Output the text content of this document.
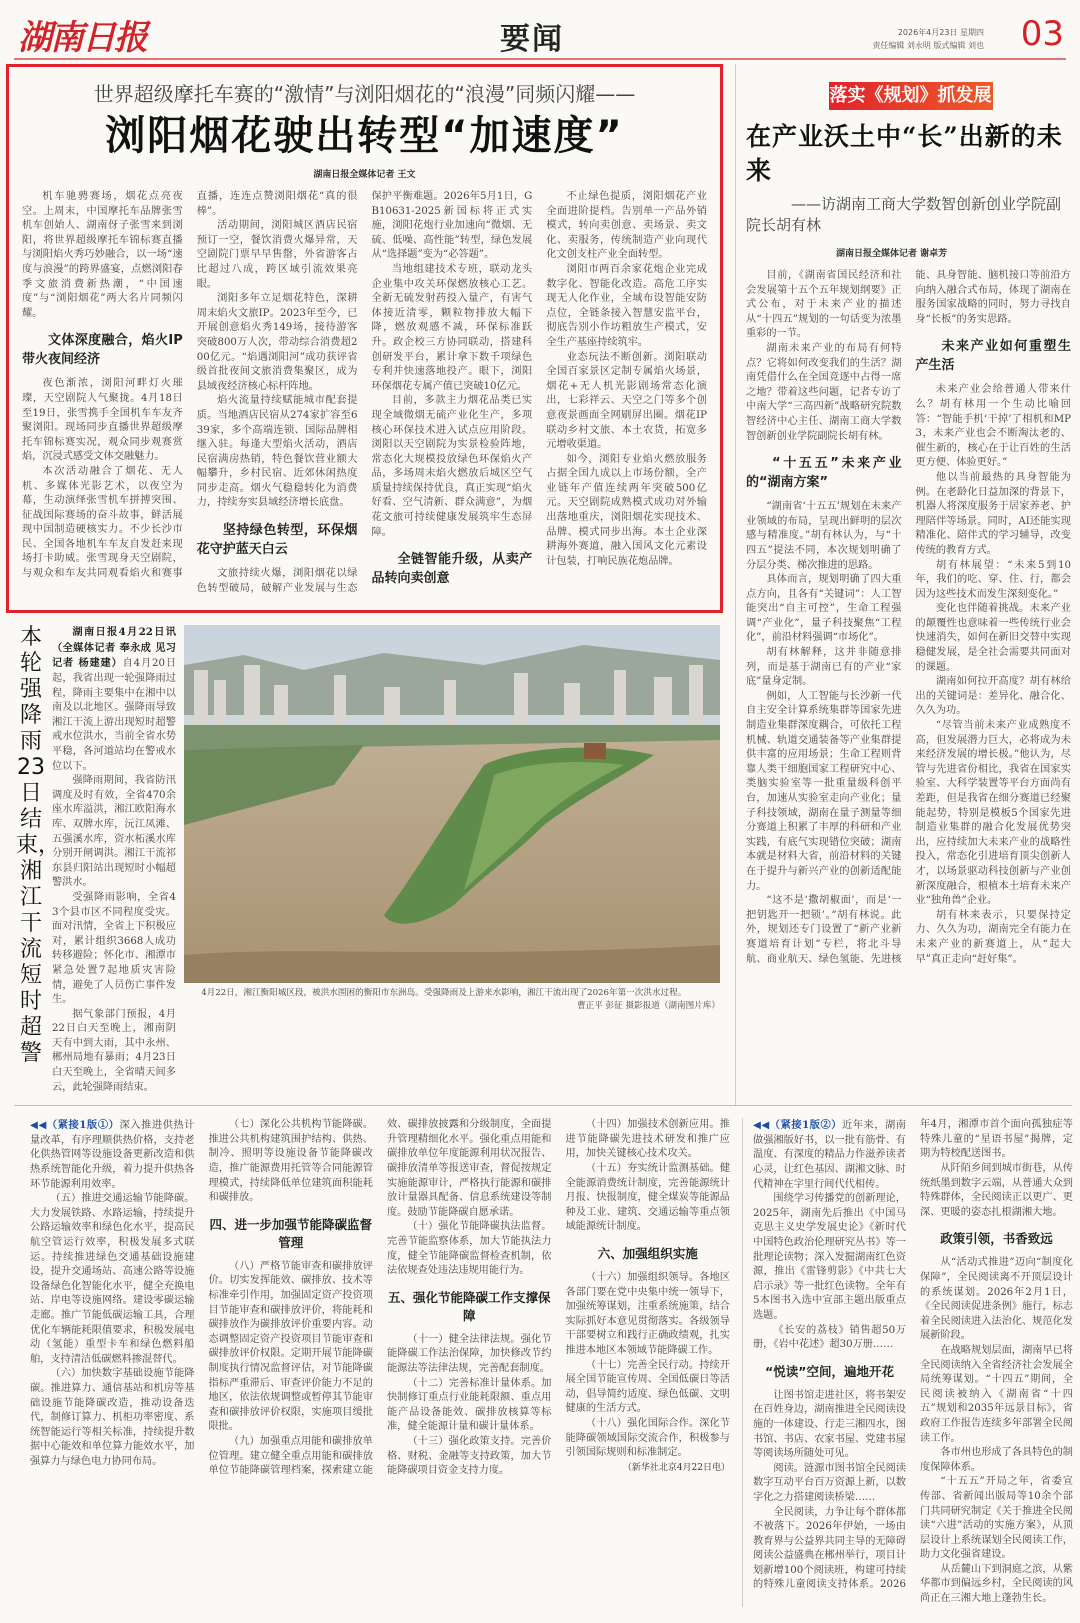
湖南日报	要闻	2026年4月23日 星期四
责任编辑 刘永明 版式编辑 刘也 03
世界超级摩托车赛的“激情”与浏阳烟花的“浪漫”同频闪耀——
浏阳烟花驶出转型“加速度”
湖南日报全媒体记者 王文

机车驰骋赛场，烟花点亮夜空。上周末，中国摩托车品牌张雪机车创始人、湖南伢子张雪来到浏阳，将世界超级摩托车锦标赛直播与浏阳焰火秀巧妙融合，以一场“速度与浪漫”的跨界盛宴，点燃浏阳春季文旅消费新热潮，“中国速度”与“浏阳烟花”两大名片同频闪耀。

文体深度融合，焰火IP带火夜间经济

夜色渐浓，浏阳河畔灯火璀璨，天空剧院人气聚拢。4月18日至19日，张雪携手全国机车车友齐聚浏阳。现场同步直播世界超级摩托车锦标赛实况，观众同步观赛赏焰，沉浸式感受文体交融魅力。

本次活动融合了烟花、无人机、多媒体光影艺术，以夜空为幕，生动演绎张雪机车拼搏突围、征战国际赛场的奋斗故事，鲜活展现中国制造硬核实力。不少长沙市民、全国各地机车车友自发赶来现场打卡助威。张雪现身天空剧院，与观众和车友共同观看焰火和赛事直播，连连点赞浏阳烟花“真的很棒”。

活动期间，浏阳城区酒店民宿预订一空，餐饮消费火爆异常，天空剧院门票早早售罄，外省游客占比超过八成，跨区域引流效果亮眼。

浏阳多年立足烟花特色，深耕周末焰火文旅IP。2023年至今，已开展创意焰火秀149场，接待游客突破800万人次，带动综合消费超200亿元。“焰遇浏阳河”成功获评省级首批夜间文旅消费集聚区，成为县域夜经济核心标杆阵地。

焰火流量持续赋能城市配套提质。当地酒店民宿从274家扩容至639家，多个高端连锁、国际品牌相继入驻。每逢大型焰火活动，酒店民宿满房热销，特色餐饮营业额大幅攀升，乡村民宿、近郊休闲热度同步走高。烟火气稳稳转化为消费力，持续夯实县域经济增长底盘。

坚持绿色转型，环保烟花守护蓝天白云

文旅持续火爆，浏阳烟花以绿色转型破局，破解产业发展与生态保护平衡难题。2026年5月1日，GB10631-2025新国标将正式实施，浏阳花炮行业加速向“微烟、无硫、低噪、高性能”转型，绿色发展从“选择题”变为“必答题”。

当地组建技术专班，联动龙头企业集中攻关环保燃放核心工艺。全新无硫发射药投入量产，有害气体接近清零，颗粒物排放大幅下降，燃放观感不减，环保标准跃升。政企校三方协同联动，搭建科创研发平台，累计拿下数千项绿色专利并快速落地投产。眼下，浏阳环保烟花专属产值已突破10亿元。

目前，多款主力烟花品类已实现全域微烟无硫产业化生产，多项核心环保技术进入试点应用阶段。浏阳以天空剧院为实景检验阵地，常态化大规模投放绿色环保焰火产品，多场周末焰火燃放后城区空气质量持续保持优良，真正实现“焰火好看、空气清新、群众满意”，为烟花文旅可持续健康发展筑牢生态屏障。

全链智能升级，从卖产品转向卖创意

不止绿色提质，浏阳烟花产业全面进阶提档。告别单一产品外销模式，转向卖创意、卖场景、卖文化、卖服务，传统制造产业向现代化文创支柱产业全面转型。

浏阳市两百余家花炮企业完成数字化、智能化改造。高危工序实现无人化作业，全域布设智能安防点位，全链条接入智慧安监平台，彻底告别小作坊粗放生产模式，安全生产基座持续筑牢。

业态玩法不断创新。浏阳联动全国百家景区定制专属焰火场景，烟花+无人机光影剧场常态化演出，七彩祥云、天空之门等多个创意夜景画面全网刷屏出圈。烟花IP联动乡村文旅、本土农货，拓宽多元增收渠道。

如今，浏阳专业焰火燃放服务占据全国九成以上市场份额，全产业链年产值连续两年突破500亿元。天空剧院成熟模式成功对外输出落地重庆，浏阳烟花实现技术、品牌、模式同步出海。本土企业深耕海外赛道，融入国风文化元素设计包装，打响民族花炮品牌。

本轮强降雨23日结束，湘江干流短时超警

湖南日报4月22日讯（全媒体记者 奉永成 见习记者 杨建建）自4月20日起，我省出现一轮强降雨过程，降雨主要集中在湘中以南及以北地区。强降雨导致湘江干流上游出现短时超警戒水位洪水，当前全省水势平稳，各河道站均在警戒水位以下。

强降雨期间，我省防汛调度及时有效，全省470余座水库溢洪，湘江欧阳海水库、双牌水库，沅江凤滩、五强溪水库，资水柘溪水库分别开闸调洪。湘江干流祁东县归阳站出现短时小幅超警洪水。

受强降雨影响，全省43个县市区不同程度受灾。面对汛情，全省上下积极应对，累计组织3668人成功转移避险；怀化市、湘潭市紧急处置7起地质灾害险情，避免了人员伤亡事件发生。

据气象部门预报，4月22日白天至晚上，湘南阴天有中到大雨，其中永州、郴州局地有暴雨；4月23日白天至晚上，全省晴天间多云，此轮强降雨结束。

4月22日，湘江衡阳城区段，被洪水围困的衡阳市东洲岛。受强降雨及上游来水影响，湘江干流出现了2026年第一次洪水过程。
曹正平 彭征 摄影报道（湖南图片库）
落实《规划》抓发展
在产业沃土中“长”出新的未来
——访湖南工商大学数智创新创业学院副院长胡有林
湖南日报全媒体记者 谢卓芳

目前，《湖南省国民经济和社会发展第十五个五年规划纲要》正式公布，对于未来产业的描述从“十四五”规划的一句话变为浓墨重彩的一节。

湖南未来产业的布局有何特点？它将如何改变我们的生活？湖南凭借什么在全国竞逐中占得一席之地？带着这些问题，记者专访了中南大学“三高四新”战略研究院数智经济中心主任、湖南工商大学数智创新创业学院副院长胡有林。

“十五五”未来产业的“湖南方案”

“湖南省‘十五五’规划在未来产业领域的布局，呈现出鲜明的层次感与精准度。”胡有林认为，与“十四五”提法不同，本次规划明确了分层分类、梯次推进的思路。

具体而言，规划明确了四大重点方向，且各有“关键词”：人工智能突出“自主可控”，生命工程强调“产业化”，量子科技聚焦“工程化”，前沿材料强调“市场化”。

胡有林解释，这并非随意排列，而是基于湖南已有的产业“家底”量身定制。

例如，人工智能与长沙新一代自主安全计算系统集群等国家先进制造业集群深度耦合，可依托工程机械、轨道交通装备等产业集群提供丰富的应用场景；生命工程则背靠人类干细胞国家工程研究中心、类脑实验室等一批重量级科创平台，加速从实验室走向产业化；量子科技领域，湖南在量子测量等细分赛道上积累了丰厚的科研和产业实践，有底气实现错位突破；湖南本就是材料大省，前沿材料的关键在于提升与新兴产业的创新适配能力。

“这不是‘撒胡椒面’，而是‘一把钥匙开一把锁’。”胡有林说。此外，规划还专门设置了“新产业新赛道培育计划”专栏，将北斗导航、商业航天、绿色氢能、先进核能、具身智能、脑机接口等前沿方向纳入融合式布局，体现了湖南在服务国家战略的同时，努力寻找自身“长板”的务实思路。

未来产业如何重塑生产生活

未来产业会给普通人带来什么？胡有林用一个生动比喻回答：“智能手机‘干掉’了相机和MP3，未来产业也会不断淘汰老的、催生新的，核心在于让百姓的生活更方便、体验更好。”

他以当前最热的具身智能为例。在老龄化日益加深的背景下，机器人将深度服务于居家养老、护理陪伴等场景。同时，AI还能实现精准化、陪伴式的学习辅导，改变传统的教育方式。

胡有林展望：“未来5到10年，我们的吃、穿、住、行，都会因为这些技术而发生深刻变化。”

变化也伴随着挑战。未来产业的颠覆性也意味着一些传统行业会快速消失，如何在新旧交替中实现稳健发展，是全社会需要共同面对的课题。

湖南如何拉开高度？胡有林给出的关键词是：差异化、融合化、久久为功。

“尽管当前未来产业成熟度不高，但发展潜力巨大，必将成为未来经济发展的增长极。”他认为，尽管与先进省份相比，我省在国家实验室、大科学装置等平台方面尚有差距，但是我省在细分赛道已经聚能起势，特别是模板5个国家先进制造业集群的融合化发展优势突出，应持续加大未来产业的战略性投入，常态化引进培育顶尖创新人才，以场景驱动科技创新与产业创新深度融合，根植本土培育未来产业“独角兽”企业。

胡有林来表示，只要保持定力、久久为功，湖南完全有能力在未来产业的新赛道上，从“起大早”真正走向“赶好集”。

◀◀（紧接1版①）深入推进供热计量改革，有序理顺供热价格，支持老化供热管网等设施设备更新改造和供热系统智能化升级，着力提升供热各环节能源利用效率。

（五）推进交通运输节能降碳。大力发展铁路、水路运输，持续提升公路运输效率和绿色化水平，提高民航空管运行效率，积极发展多式联运。持续推进绿色交通基础设施建设，提升交通场站、高速公路等设施设备绿色化智能化水平，健全充换电站、岸电等设施网络。建设零碳运输走廊。推广节能低碳运输工具，合理优化车辆能耗限值要求，积极发展电动（氢能）重型卡车和绿色燃料船舶，支持清洁低碳燃料掺混替代。

（六）加快数字基础设施节能降碳。推进算力、通信基站和机房等基础设施节能降碳改造，推动设备迭代，制修订算力、机柜功率密度、系统智能运行等相关标准，持续提升数据中心能效和单位算力能效水平，加强算力与绿色电力协同布局。

（七）深化公共机构节能降碳。推进公共机构建筑围护结构、供热、制冷、照明等设施设备节能降碳改造，推广能源费用托管等合同能源管理模式，持续降低单位建筑面积能耗和碳排放。

四、进一步加强节能降碳监督管理

（八）严格节能审查和碳排放评价。切实发挥能效、碳排放、技术等标准牵引作用，加强固定资产投资项目节能审查和碳排放评价，将能耗和碳排放作为碳排放评价重要内容。动态调整固定资产投资项目节能审查和碳排放评价权限。定期开展节能降碳制度执行情况监督评估，对节能降碳指标严重滞后、审查评价能力不足的地区，依法依规调整或暂停其节能审查和碳排放评价权限，实施项目缓批限批。

（九）加强重点用能和碳排放单位管理。建立健全重点用能和碳排放单位节能降碳管理档案，探索建立能效、碳排放披露和分级制度，全面提升管理精细化水平。强化重点用能和碳排放单位年度能源利用状况报告、碳排放清单等报送审查，督促按规定实施能源审计，严格执行能源和碳排放计量器具配备、信息系统建设等制度。鼓励节能降碳自愿承诺。

（十）强化节能降碳执法监督。完善节能监察体系，加大节能执法力度，健全节能降碳监督检查机制，依法依规查处违法违规用能行为。

五、强化节能降碳工作支撑保障

（十一）健全法律法规。强化节能降碳工作法治保障，加快修改节约能源法等法律法规，完善配套制度。

（十二）完善标准计量体系。加快制修订重点行业能耗限额、重点用能产品设备能效、碳排放核算等标准，健全能源计量和碳计量体系。

（十三）强化政策支持。完善价格、财税、金融等支持政策，加大节能降碳项目资金支持力度。

（十四）加强技术创新应用。推进节能降碳先进技术研发和推广应用，加快关键核心技术攻关。

（十五）夯实统计监测基础。健全能源消费统计制度，完善能源统计月报、快报制度，健全煤炭等能源品种及工业、建筑、交通运输等重点领域能源统计制度。

六、加强组织实施

（十六）加强组织领导。各地区各部门要在党中央集中统一领导下，加强统筹谋划，注重系统施策，结合实际抓好本意见贯彻落实。各级领导干部要树立和践行正确政绩观，扎实推进本地区本领域节能降碳工作。

（十七）完善全民行动。持续开展全国节能宣传周、全国低碳日等活动，倡导简约适度、绿色低碳、文明健康的生活方式。

（十八）强化国际合作。深化节能降碳领域国际交流合作，积极参与引领国际规则和标准制定。

（新华社北京4月22日电）

◀◀（紧接1版②）近年来，湖南做强湘版好书，以一批有筋骨、有温度、有深度的精品力作滋养读者心灵，让红色基因、湖湘文脉、时代精神在字里行间代代相传。

围绕学习传播党的创新理论，2025年，湖南先后推出《中国马克思主义史学发展史论》《新时代中国特色政治伦理研究丛书》等一批理论读物；深入发掘湖南红色资源，推出《雷锋剪影》《中共七大启示录》等一批红色读物。全年有5本图书入选中宣部主题出版重点选题。

《长安的荔枝》销售超50万册，《岩中花述》超30万册……

“悦读”空间，遍地开花

让图书馆走进社区，将书架安在百姓身边，湖南推进全民阅读设施的一体建设、行走三湘四水，图书馆、书店、农家书屋、党建书屋等阅读场所随处可见。

阅读。涟源市图书馆全民阅读数字互动平台百万资源上新，以数字化之力搭建阅读桥梁……

全民阅读，力争让每个群体都不被落下。2026年伊始，一场由教育界与公益界共同主导的无障碍阅读公益盛典在郴州举行，项目计划新增100个阅读班，构建可持续的特殊儿童阅读支持体系。2026年4月，湘潭市首个面向孤独症等特殊儿童的“星语书屋”揭牌，定期为特校配送图书。

从阡陌乡间到城市街巷，从传统纸墨到数字云端，从普通大众到特殊群体，全民阅读正以更广、更深、更暖的姿态扎根湖湘大地。

政策引领，书香致远

从“活动式推进”迈向“制度化保障”，全民阅读离不开顶层设计的系统谋划。2026年2月1日，《全民阅读促进条例》施行，标志着全民阅读进入法治化、规范化发展新阶段。

在战略规划层面，湖南早已将全民阅读纳入全省经济社会发展全局统筹谋划。“十四五”期间，全民阅读被纳入《湖南省“十四五”规划和2035年远景目标》，省政府工作报告连续多年部署全民阅读工作。

各市州也形成了各具特色的制度保障体系。

“十五五”开局之年，省委宣传部、省新闻出版局等10余个部门共同研究制定《关于推进全民阅读“六进”活动的实施方案》，从顶层设计上系统谋划全民阅读工作，助力文化强省建设。

从岳麓山下到洞庭之滨，从紫华都市到偏远乡村，全民阅读的风尚正在三湘大地上蓬勃生长。
